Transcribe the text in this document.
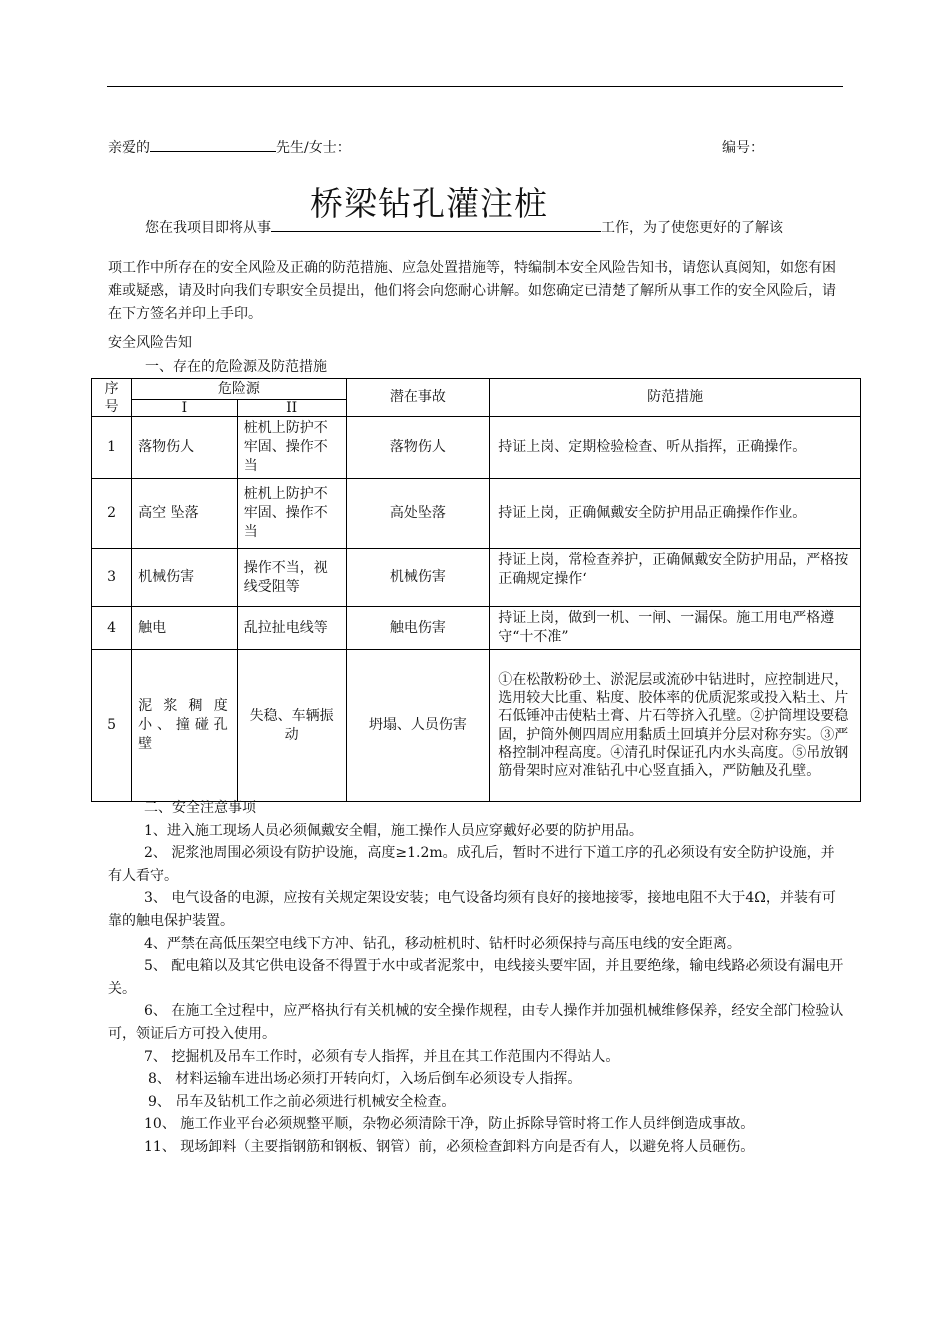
亲爱的	先生/女士：	编号：
桥梁钻孔灌注桩
您在我项目即将从事	工作，为了使您更好的了解该
项工作中所存在的安全风险及正确的防范措施、应急处置措施等，特编制本安全风险告知书，请您认真阅知，如您有困难或疑惑，请及时向我们专职安全员提出，他们将会向您耐心讲解。如您确定已清楚了解所从事工作的安全风险后，请在下方签名并印上手印。
安全风险告知
一、存在的危险源及防范措施
序号	危险源		潜在事故	防范措施
	I	II		
1	落物伤人	桩机上防护不牢固、操作不当	落物伤人	持证上岗、定期检验检查、听从指挥，正确操作。
2	高空 坠落	桩机上防护不牢固、操作不当	高处坠落	持证上岗，正确佩戴安全防护用品正确操作作业。
3	机械伤害	操作不当，视线受阻等	机械伤害	持证上岗，常检查养护，正确佩戴安全防护用品，严格按正确规定操作‘
4	触电	乱拉扯电线等	触电伤害	持证上岗，做到一机、一闸、一漏保。施工用电严格遵守“十不准”
5	泥浆稠度小、撞碰孔壁	失稳、车辆振动	坍塌、人员伤害	①在松散粉砂土、淤泥层或流砂中钻进时，应控制进尺，选用较大比重、粘度、胶体率的优质泥浆或投入粘土、片石低锤冲击使粘土膏、片石等挤入孔壁。②护筒埋设要稳固，护筒外侧四周应用黏质土回填并分层对称夯实。③严格控制冲程高度。④清孔时保证孔内水头高度。⑤吊放钢筋骨架时应对准钻孔中心竖直插入，严防触及孔壁。

二、安全注意事项

1、进入施工现场人员必须佩戴安全帽，施工操作人员应穿戴好必要的防护用品。

2、 泥浆池周围必须设有防护设施，高度≥1.2m。成孔后，暂时不进行下道工序的孔必须设有安全防护设施，并有人看守。

3、 电气设备的电源，应按有关规定架设安装；电气设备均须有良好的接地接零，接地电阻不大于4Ω，并装有可靠的触电保护装置。

4、严禁在高低压架空电线下方冲、钻孔，移动桩机时、钻杆时必须保持与高压电线的安全距离。

5、 配电箱以及其它供电设备不得置于水中或者泥浆中，电线接头要牢固，并且要绝缘，输电线路必须设有漏电开关。

6、 在施工全过程中，应严格执行有关机械的安全操作规程，由专人操作并加强机械维修保养，经安全部门检验认可，领证后方可投入使用。

7、 挖掘机及吊车工作时，必须有专人指挥，并且在其工作范围内不得站人。

8、 材料运输车进出场必须打开转向灯，入场后倒车必须设专人指挥。

9、 吊车及钻机工作之前必须进行机械安全检查。

10、 施工作业平台必须规整平顺，杂物必须清除干净，防止拆除导管时将工作人员绊倒造成事故。

11、 现场卸料（主要指钢筋和钢板、钢管）前，必须检查卸料方向是否有人，以避免将人员砸伤。
